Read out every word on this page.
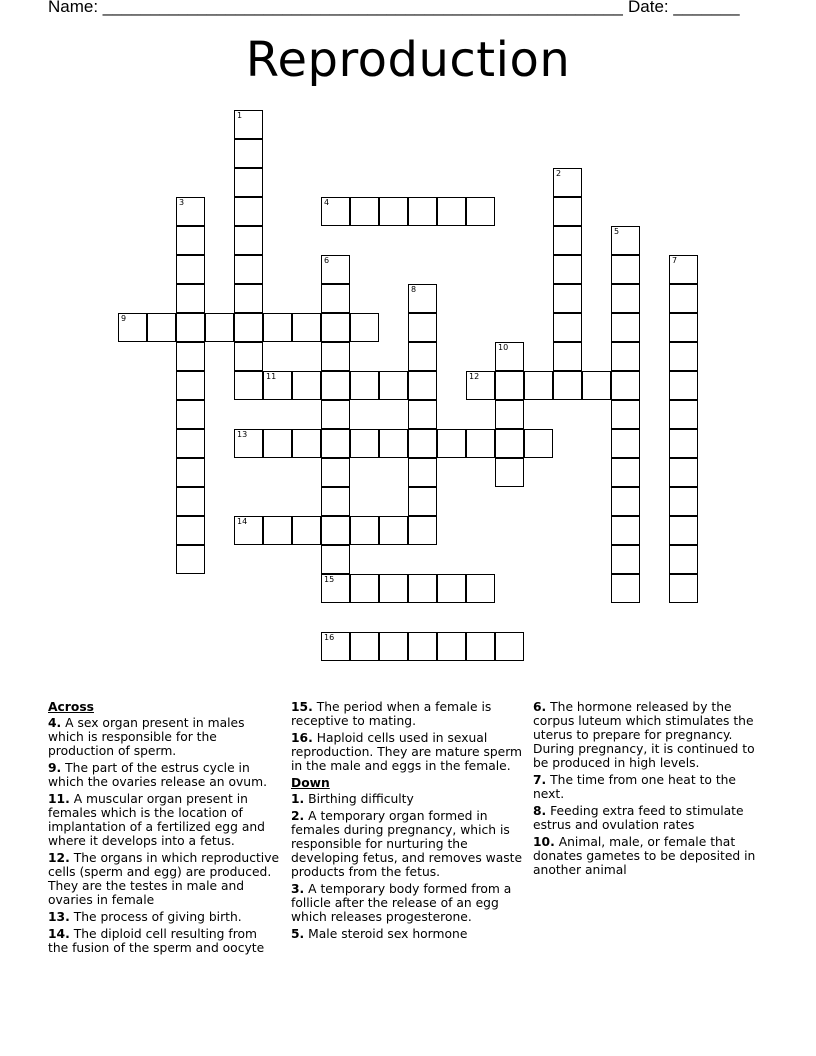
Name: _______________________________________________________ Date: _______
Reproduction
1
2
3	4
5
6
15
7
8
9
10
11	12
13
14
16
Across
4. A sex organ present in males which is responsible for the production of sperm.
9. The part of the estrus cycle in which the ovaries release an ovum.
11. A muscular organ present in females which is the location of implantation of a fertilized egg and where it develops into a fetus.
12. The organs in which reproductive cells (sperm and egg) are produced. They are the testes in male and ovaries in female
13. The process of giving birth.
14. The diploid cell resulting from the fusion of the sperm and oocyte
15. The period when a female is receptive to mating.
16. Haploid cells used in sexual reproduction. They are mature sperm in the male and eggs in the female.
Down
1. Birthing difficulty
2. A temporary organ formed in females during pregnancy, which is responsible for nurturing the developing fetus, and removes waste products from the fetus.
3. A temporary body formed from a follicle after the release of an egg which releases progesterone.
5. Male steroid sex hormone
6. The hormone released by the corpus luteum which stimulates the uterus to prepare for pregnancy. During pregnancy, it is continued to be produced in high levels.
7. The time from one heat to the next.
8. Feeding extra feed to stimulate estrus and ovulation rates
10. Animal, male, or female that donates gametes to be deposited in another animal
